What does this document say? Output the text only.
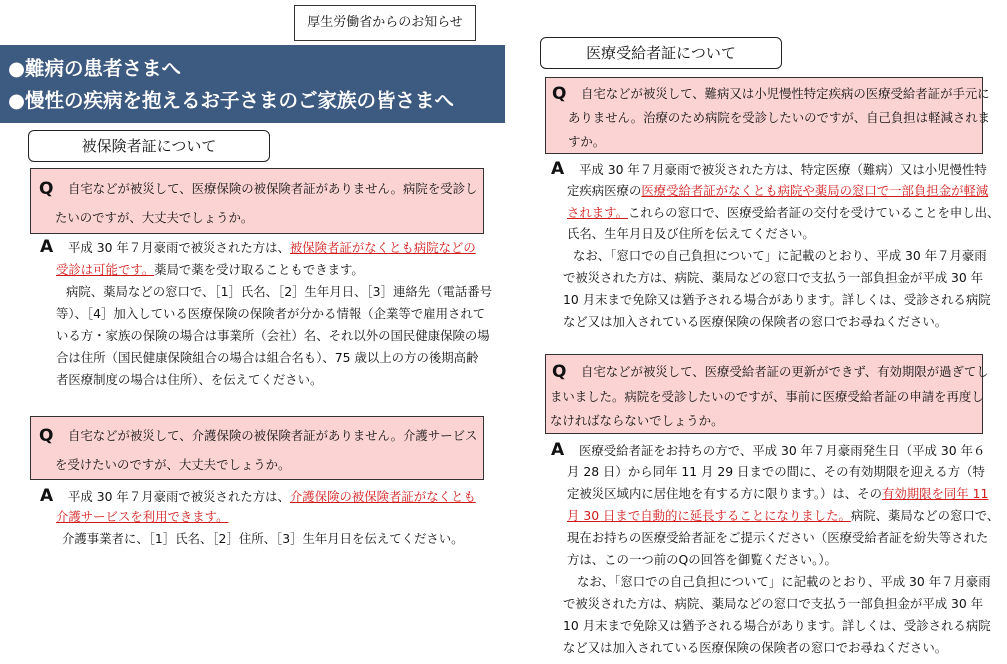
厚生労働省からのお知らせ
●難病の患者さまへ
●慢性の疾病を抱えるお子さまのご家族の皆さまへ
被保険者証について
Q 自宅などが被災して、医療保険の被保険者証がありません。病院を受診し
たいのですが、大丈夫でしょうか。
A 平成 30 年７月豪雨で被災された方は、被保険者証がなくとも病院などの
受診は可能です。薬局で薬を受け取ることもできます。
病院、薬局などの窓口で、［1］氏名、［2］生年月日、［3］連絡先（電話番号
等）、［4］加入している医療保険の保険者が分かる情報（企業等で雇用されて
いる方・家族の保険の場合は事業所（会社）名、それ以外の国民健康保険の場
合は住所（国民健康保険組合の場合は組合名も）、75 歳以上の方の後期高齢
者医療制度の場合は住所）、を伝えてください。
Q 自宅などが被災して、介護保険の被保険者証がありません。介護サービス
を受けたいのですが、大丈夫でしょうか。
A 平成 30 年７月豪雨で被災された方は、介護保険の被保険者証がなくとも
介護サービスを利用できます。
介護事業者に、［1］氏名、［2］住所、［3］生年月日を伝えてください。
医療受給者証について
Q 自宅などが被災して、難病又は小児慢性特定疾病の医療受給者証が手元に
ありません。治療のため病院を受診したいのですが、自己負担は軽減されま
すか。
A 平成 30 年７月豪雨で被災された方は、特定医療（難病）又は小児慢性特
定疾病医療の医療受給者証がなくとも病院や薬局の窓口で一部負担金が軽減
されます。これらの窓口で、医療受給者証の交付を受けていることを申し出、
氏名、生年月日及び住所を伝えてください。
なお、「窓口での自己負担について」に記載のとおり、平成 30 年７月豪雨
で被災された方は、病院、薬局などの窓口で支払う一部負担金が平成 30 年
10 月末まで免除又は猶予される場合があります。詳しくは、受診される病院
など又は加入されている医療保険の保険者の窓口でお尋ねください。
Q 自宅などが被災して、医療受給者証の更新ができず、有効期限が過ぎてし
まいました。病院を受診したいのですが、事前に医療受給者証の申請を再度し
なければならないでしょうか。
A 医療受給者証をお持ちの方で、平成 30 年７月豪雨発生日（平成 30 年６
月 28 日）から同年 11 月 29 日までの間に、その有効期限を迎える方（特
定被災区域内に居住地を有する方に限ります。）は、その有効期限を同年 11
月 30 日まで自動的に延長することになりました。病院、薬局などの窓口で、
現在お持ちの医療受給者証をご提示ください（医療受給者証を紛失等された
方は、この一つ前のQの回答を御覧ください。）。
なお、「窓口での自己負担について」に記載のとおり、平成 30 年７月豪雨
で被災された方は、病院、薬局などの窓口で支払う一部負担金が平成 30 年
10 月末まで免除又は猶予される場合があります。詳しくは、受診される病院
など又は加入されている医療保険の保険者の窓口でお尋ねください。
